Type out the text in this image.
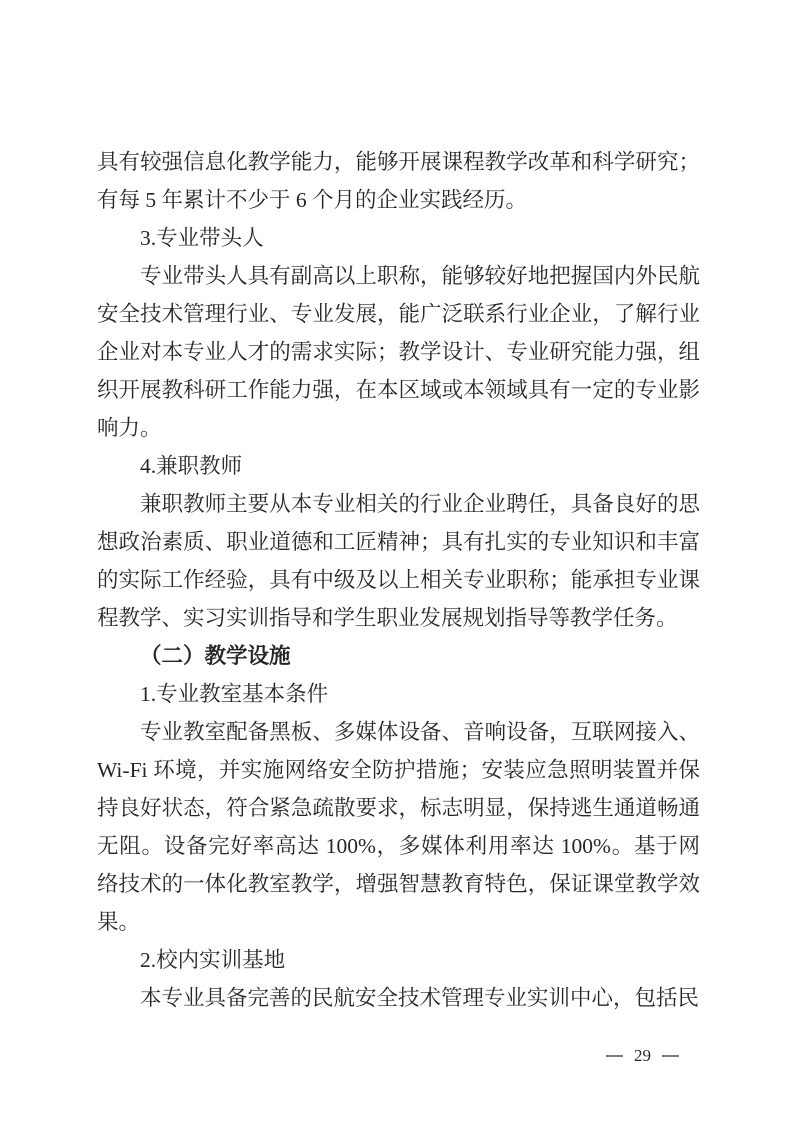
具有较强信息化教学能力，能够开展课程教学改革和科学研究；有每 5 年累计不少于 6 个月的企业实践经历。

3.专业带头人

专业带头人具有副高以上职称，能够较好地把握国内外民航安全技术管理行业、专业发展，能广泛联系行业企业，了解行业企业对本专业人才的需求实际；教学设计、专业研究能力强，组织开展教科研工作能力强，在本区域或本领域具有一定的专业影响力。

4.兼职教师

兼职教师主要从本专业相关的行业企业聘任，具备良好的思想政治素质、职业道德和工匠精神；具有扎实的专业知识和丰富的实际工作经验，具有中级及以上相关专业职称；能承担专业课程教学、实习实训指导和学生职业发展规划指导等教学任务。

（二）教学设施

1.专业教室基本条件

专业教室配备黑板、多媒体设备、音响设备，互联网接入、Wi-Fi 环境，并实施网络安全防护措施；安装应急照明装置并保持良好状态，符合紧急疏散要求，标志明显，保持逃生通道畅通无阻。设备完好率高达 100%，多媒体利用率达 100%。基于网络技术的一体化教室教学，增强智慧教育特色，保证课堂教学效果。

2.校内实训基地

本专业具备完善的民航安全技术管理专业实训中心，包括民

29
